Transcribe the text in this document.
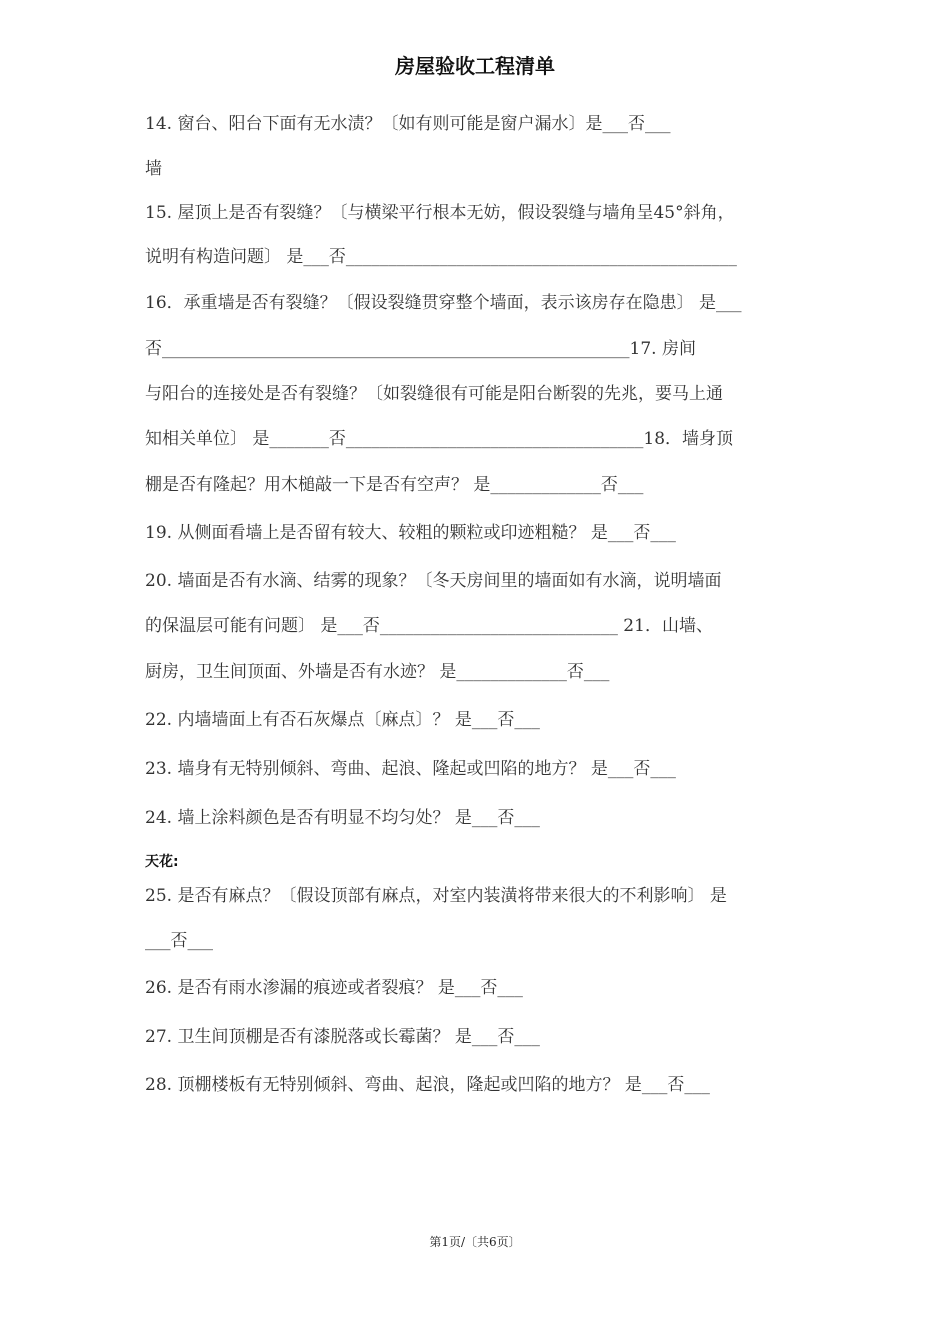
房屋验收工程清单
14. 窗台、阳台下面有无水渍？〔如有则可能是窗户漏水〕是___否___
墙
15. 屋顶上是否有裂缝？〔与横梁平行根本无妨，假设裂缝与墙角呈45°斜角，
说明有构造问题〕 是___否______________________________________________
16．承重墙是否有裂缝？〔假设裂缝贯穿整个墙面，表示该房存在隐患〕 是___
否_______________________________________________________17. 房间
与阳台的连接处是否有裂缝？〔如裂缝很有可能是阳台断裂的先兆，要马上通
知相关单位〕 是_______否___________________________________18．墙身顶
棚是否有隆起？用木槌敲一下是否有空声？ 是_____________否___
19. 从侧面看墙上是否留有较大、较粗的颗粒或印迹粗糙？ 是___否___
20. 墙面是否有水滴、结雾的现象？〔冬天房间里的墙面如有水滴，说明墙面
的保温层可能有问题〕 是___否____________________________ 21．山墙、
厨房，卫生间顶面、外墙是否有水迹？ 是_____________否___
22. 内墙墙面上有否石灰爆点〔麻点〕？ 是___否___
23. 墙身有无特别倾斜、弯曲、起浪、隆起或凹陷的地方？ 是___否___
24. 墙上涂料颜色是否有明显不均匀处？ 是___否___
天花:
25. 是否有麻点？〔假设顶部有麻点，对室内装潢将带来很大的不利影响〕 是
___否___
26. 是否有雨水渗漏的痕迹或者裂痕？ 是___否___
27. 卫生间顶棚是否有漆脱落或长霉菌？ 是___否___
28. 顶棚楼板有无特别倾斜、弯曲、起浪，隆起或凹陷的地方？ 是___否___
第1页/〔共6页〕
